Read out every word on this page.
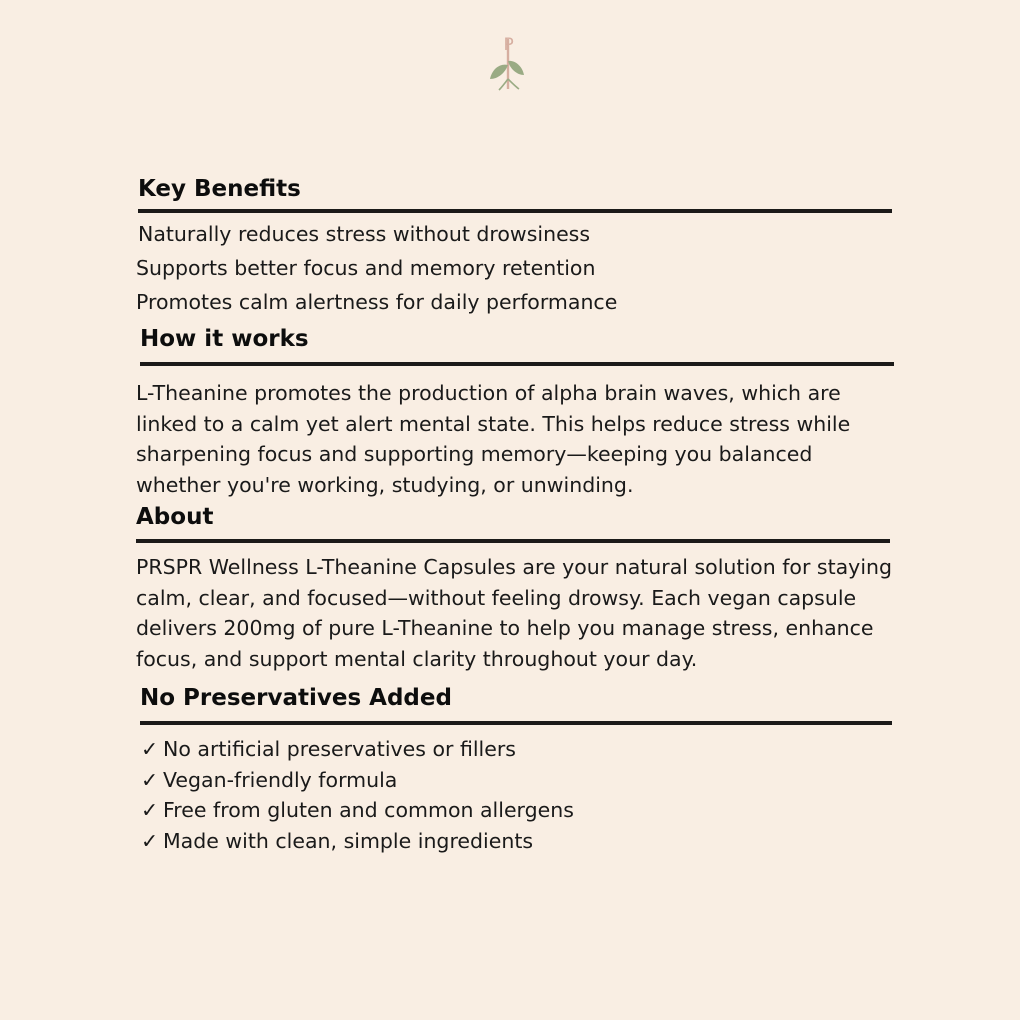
P
Key Benefits

Naturally reduces stress without drowsiness

Supports better focus and memory retention

Promotes calm alertness for daily performance

How it works

L-Theanine promotes the production of alpha brain waves, which are linked to a calm yet alert mental state. This helps reduce stress while sharpening focus and supporting memory—keeping you balanced whether you're working, studying, or unwinding.

About

PRSPR Wellness L-Theanine Capsules are your natural solution for staying calm, clear, and focused—without feeling drowsy. Each vegan capsule delivers 200mg of pure L-Theanine to help you manage stress, enhance focus, and support mental clarity throughout your day.

No Preservatives Added

✓ No artificial preservatives or fillers

✓ Vegan-friendly formula

✓ Free from gluten and common allergens

✓ Made with clean, simple ingredients
